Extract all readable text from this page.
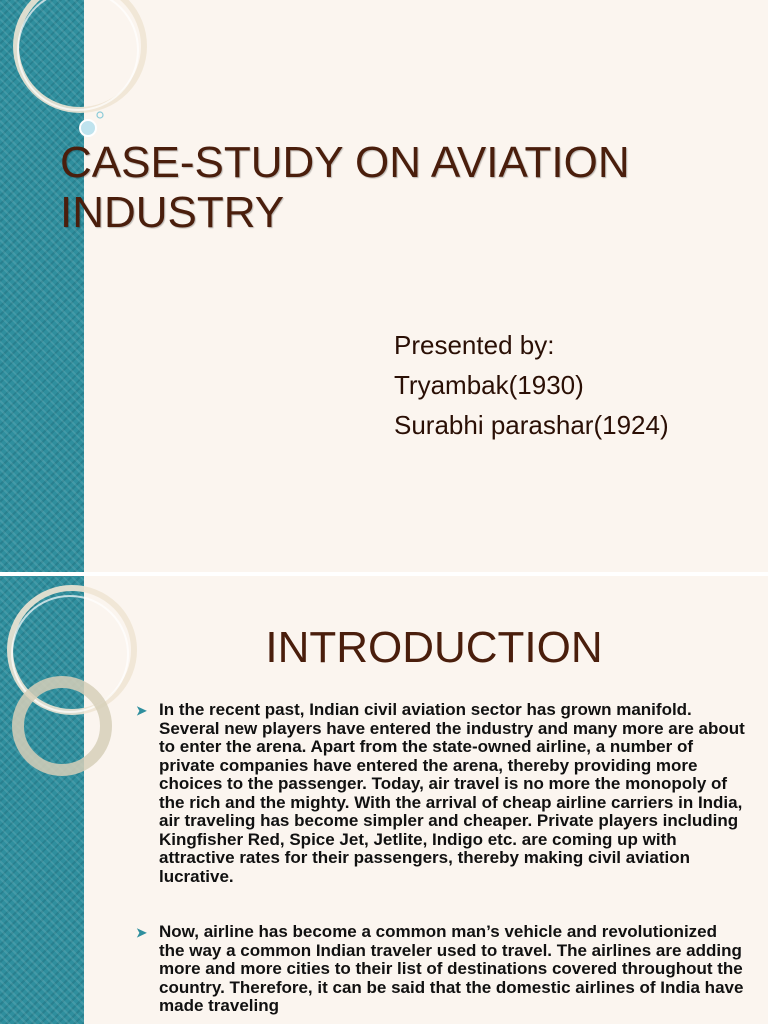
CASE-STUDY ON AVIATION INDUSTRY
Presented by:
Tryambak(1930)
Surabhi parashar(1924)
INTRODUCTION
➤ In the recent past, Indian civil aviation sector has grown manifold. Several new players have entered the industry and many more are about to enter the arena. Apart from the state-owned airline, a number of private companies have entered the arena, thereby providing more choices to the passenger. Today, air travel is no more the monopoly of the rich and the mighty. With the arrival of cheap airline carriers in India, air traveling has become simpler and cheaper. Private players including Kingfisher Red, Spice Jet, Jetlite, Indigo etc. are coming up with attractive rates for their passengers, thereby making civil aviation lucrative.
➤ Now, airline has become a common man’s vehicle and revolutionized the way a common Indian traveler used to travel. The airlines are adding more and more cities to their list of destinations covered throughout the country. Therefore, it can be said that the domestic airlines of India have made traveling
